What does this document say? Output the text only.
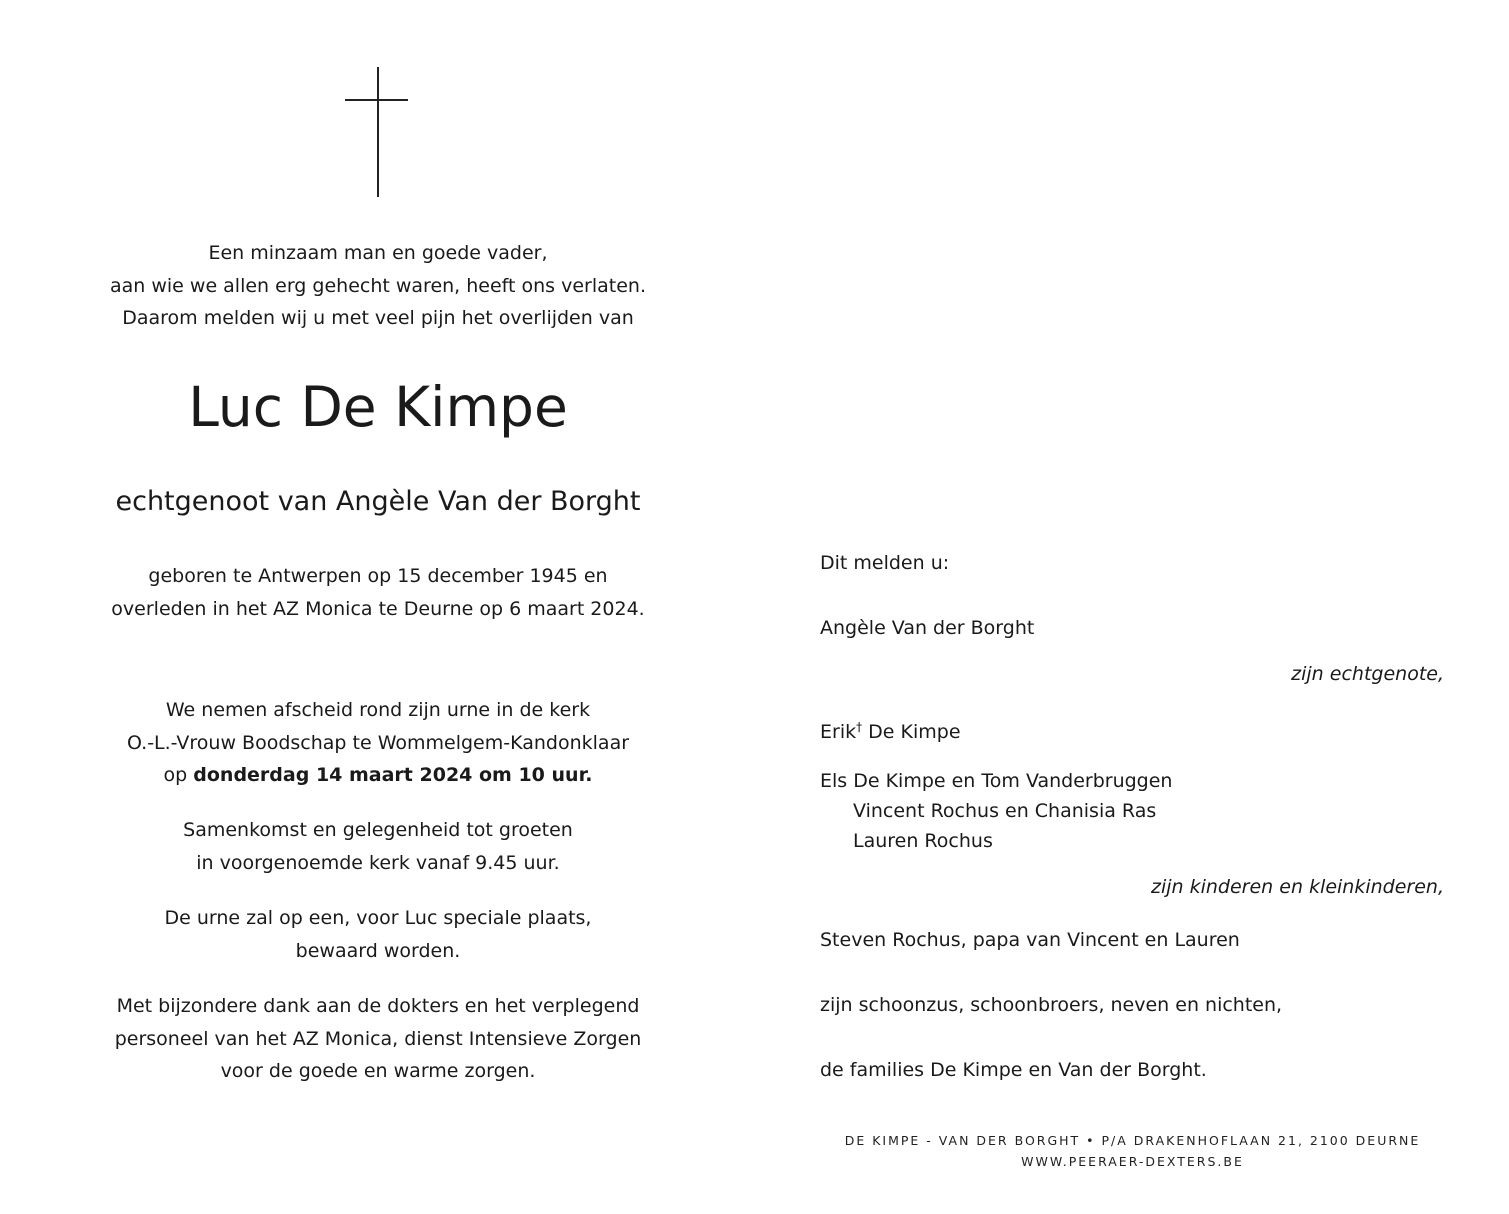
Een minzaam man en goede vader,
aan wie we allen erg gehecht waren, heeft ons verlaten.
Daarom melden wij u met veel pijn het overlijden van
Luc De Kimpe
echtgenoot van Angèle Van der Borght
geboren te Antwerpen op 15 december 1945 en
overleden in het AZ Monica te Deurne op 6 maart 2024.
We nemen afscheid rond zijn urne in de kerk
O.-L.-Vrouw Boodschap te Wommelgem-Kandonklaar
op donderdag 14 maart 2024 om 10 uur.
Samenkomst en gelegenheid tot groeten
in voorgenoemde kerk vanaf 9.45 uur.
De urne zal op een, voor Luc speciale plaats,
bewaard worden.
Met bijzondere dank aan de dokters en het verplegend
personeel van het AZ Monica, dienst Intensieve Zorgen
voor de goede en warme zorgen.
Dit melden u:
Angèle Van der Borght
zijn echtgenote,
Erik† De Kimpe
Els De Kimpe en Tom Vanderbruggen
Vincent Rochus en Chanisia Ras
Lauren Rochus
zijn kinderen en kleinkinderen,
Steven Rochus, papa van Vincent en Lauren
zijn schoonzus, schoonbroers, neven en nichten,
de families De Kimpe en Van der Borght.
DE KIMPE - VAN DER BORGHT • P/A DRAKENHOFLAAN 21, 2100 DEURNE
WWW.PEERAER-DEXTERS.BE
